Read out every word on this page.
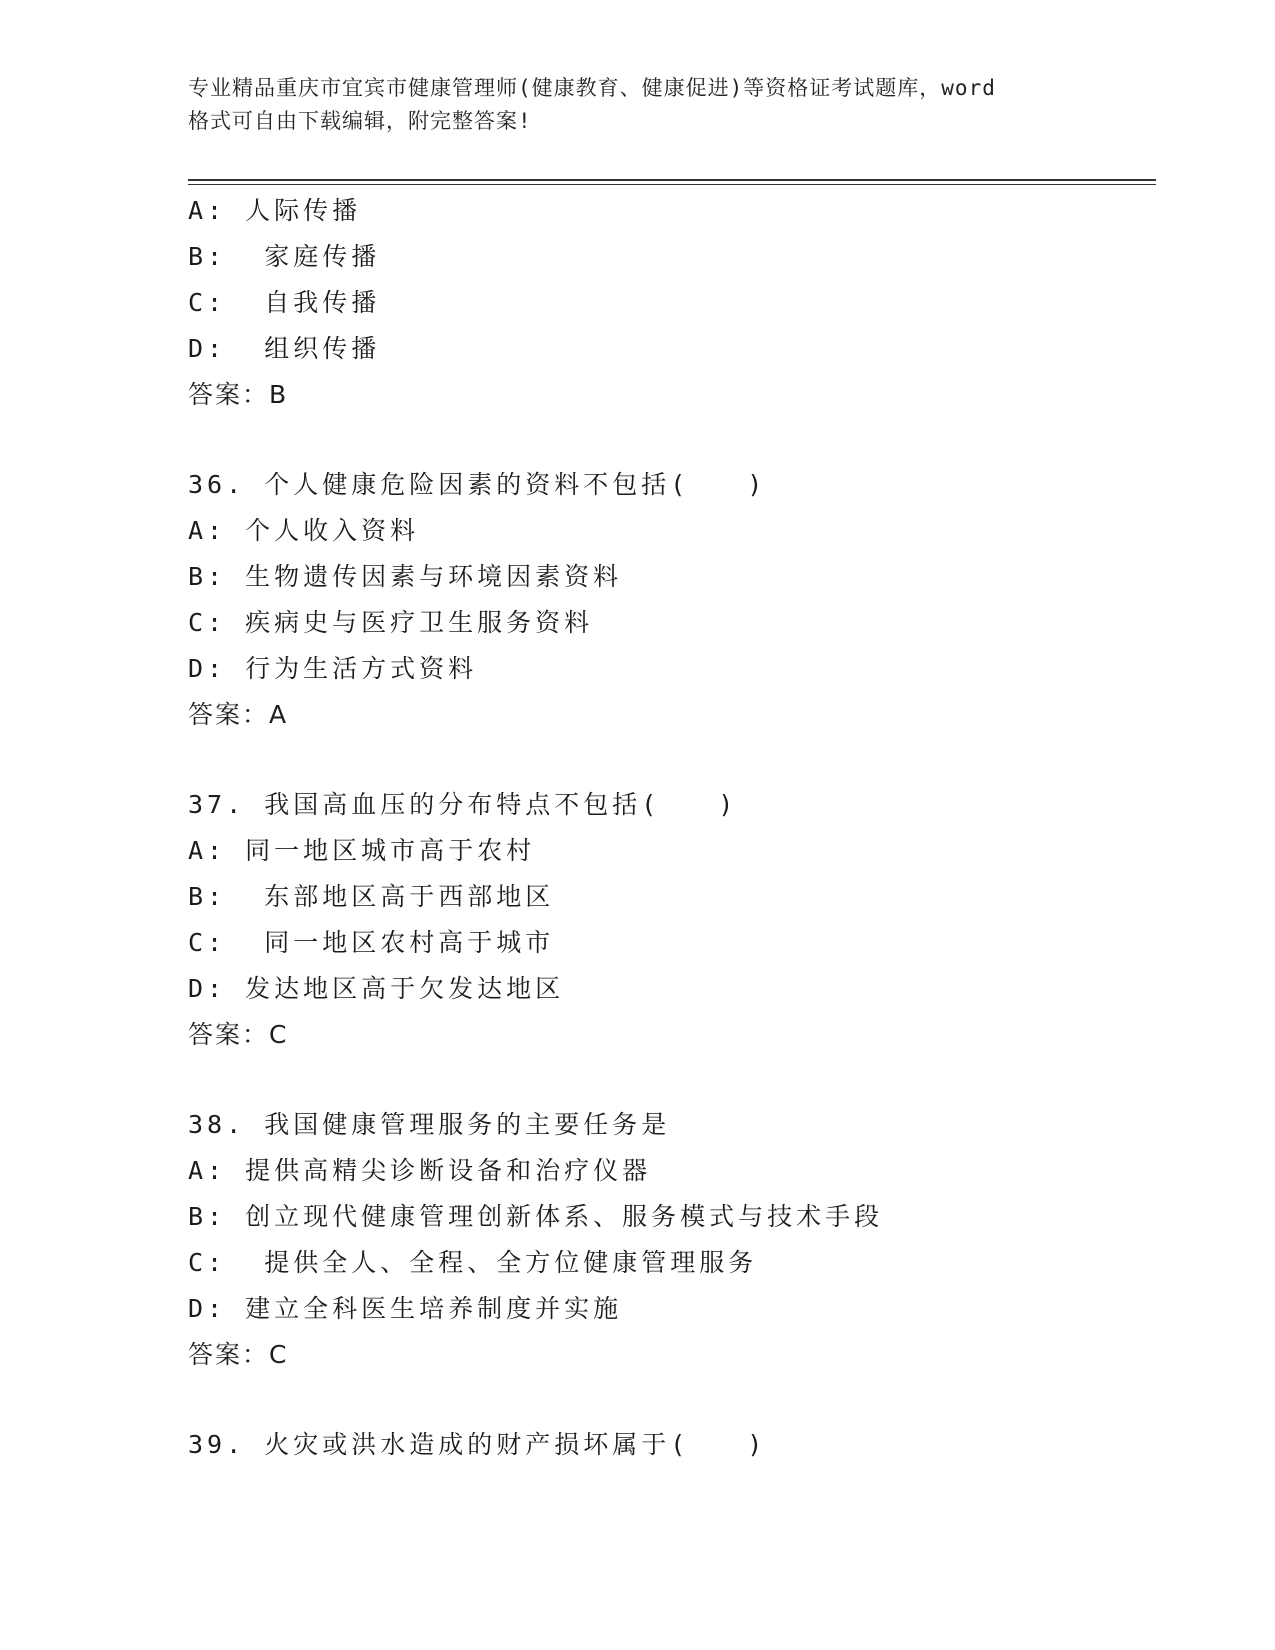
专业精品重庆市宜宾市健康管理师(健康教育、健康促进)等资格证考试题库，word
格式可自由下载编辑，附完整答案!
A: 人际传播
B:  家庭传播
C:  自我传播
D:  组织传播
答案：B
36. 个人健康危险因素的资料不包括(　　)
A: 个人收入资料
B: 生物遗传因素与环境因素资料
C: 疾病史与医疗卫生服务资料
D: 行为生活方式资料
答案：A
37. 我国高血压的分布特点不包括(　　)
A: 同一地区城市高于农村
B:  东部地区高于西部地区
C:  同一地区农村高于城市
D: 发达地区高于欠发达地区
答案：C
38. 我国健康管理服务的主要任务是
A: 提供高精尖诊断设备和治疗仪器
B: 创立现代健康管理创新体系、服务模式与技术手段
C:  提供全人、全程、全方位健康管理服务
D: 建立全科医生培养制度并实施
答案：C
39. 火灾或洪水造成的财产损坏属于(　　)
